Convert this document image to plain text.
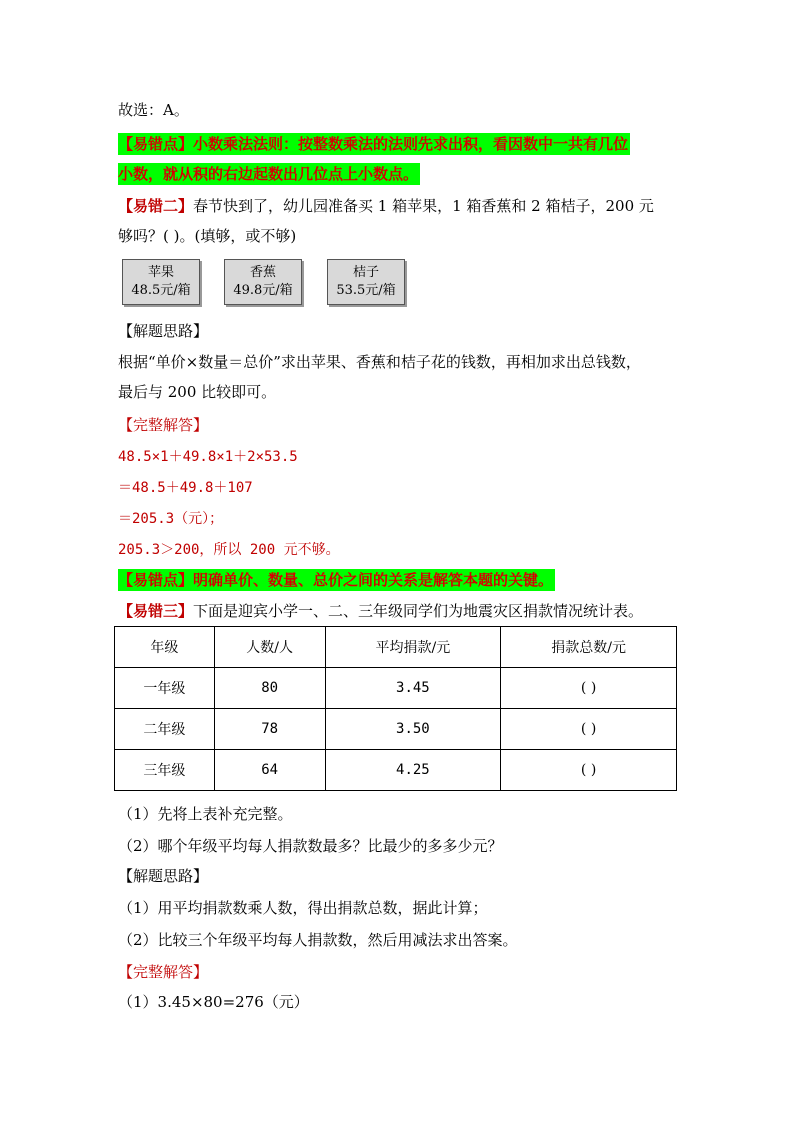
故选：A。
【易错点】小数乘法法则：按整数乘法的法则先求出积，看因数中一共有几位
小数，就从积的右边起数出几位点上小数点。
【易错二】春节快到了，幼儿园准备买 1 箱苹果，1 箱香蕉和 2 箱桔子，200 元
够吗？( )。(填够，或不够)
苹果
48.5元/箱
香蕉
49.8元/箱
桔子
53.5元/箱
【解题思路】
根据“单价×数量＝总价”求出苹果、香蕉和桔子花的钱数，再相加求出总钱数，
最后与 200 比较即可。
【完整解答】
48.5×1＋49.8×1＋2×53.5
＝48.5＋49.8＋107
＝205.3（元）；
205.3＞200，所以 200 元不够。
【易错点】明确单价、数量、总价之间的关系是解答本题的关键。
【易错三】下面是迎宾小学一、二、三年级同学们为地震灾区捐款情况统计表。
年级	人数/人	平均捐款/元	捐款总数/元
一年级	80	3.45	( )
二年级	78	3.50	( )
三年级	64	4.25	( )
（1）先将上表补充完整。
（2）哪个年级平均每人捐款数最多？比最少的多多少元？
【解题思路】
（1）用平均捐款数乘人数，得出捐款总数，据此计算；
（2）比较三个年级平均每人捐款数，然后用减法求出答案。
【完整解答】
（1）3.45×80=276（元）
